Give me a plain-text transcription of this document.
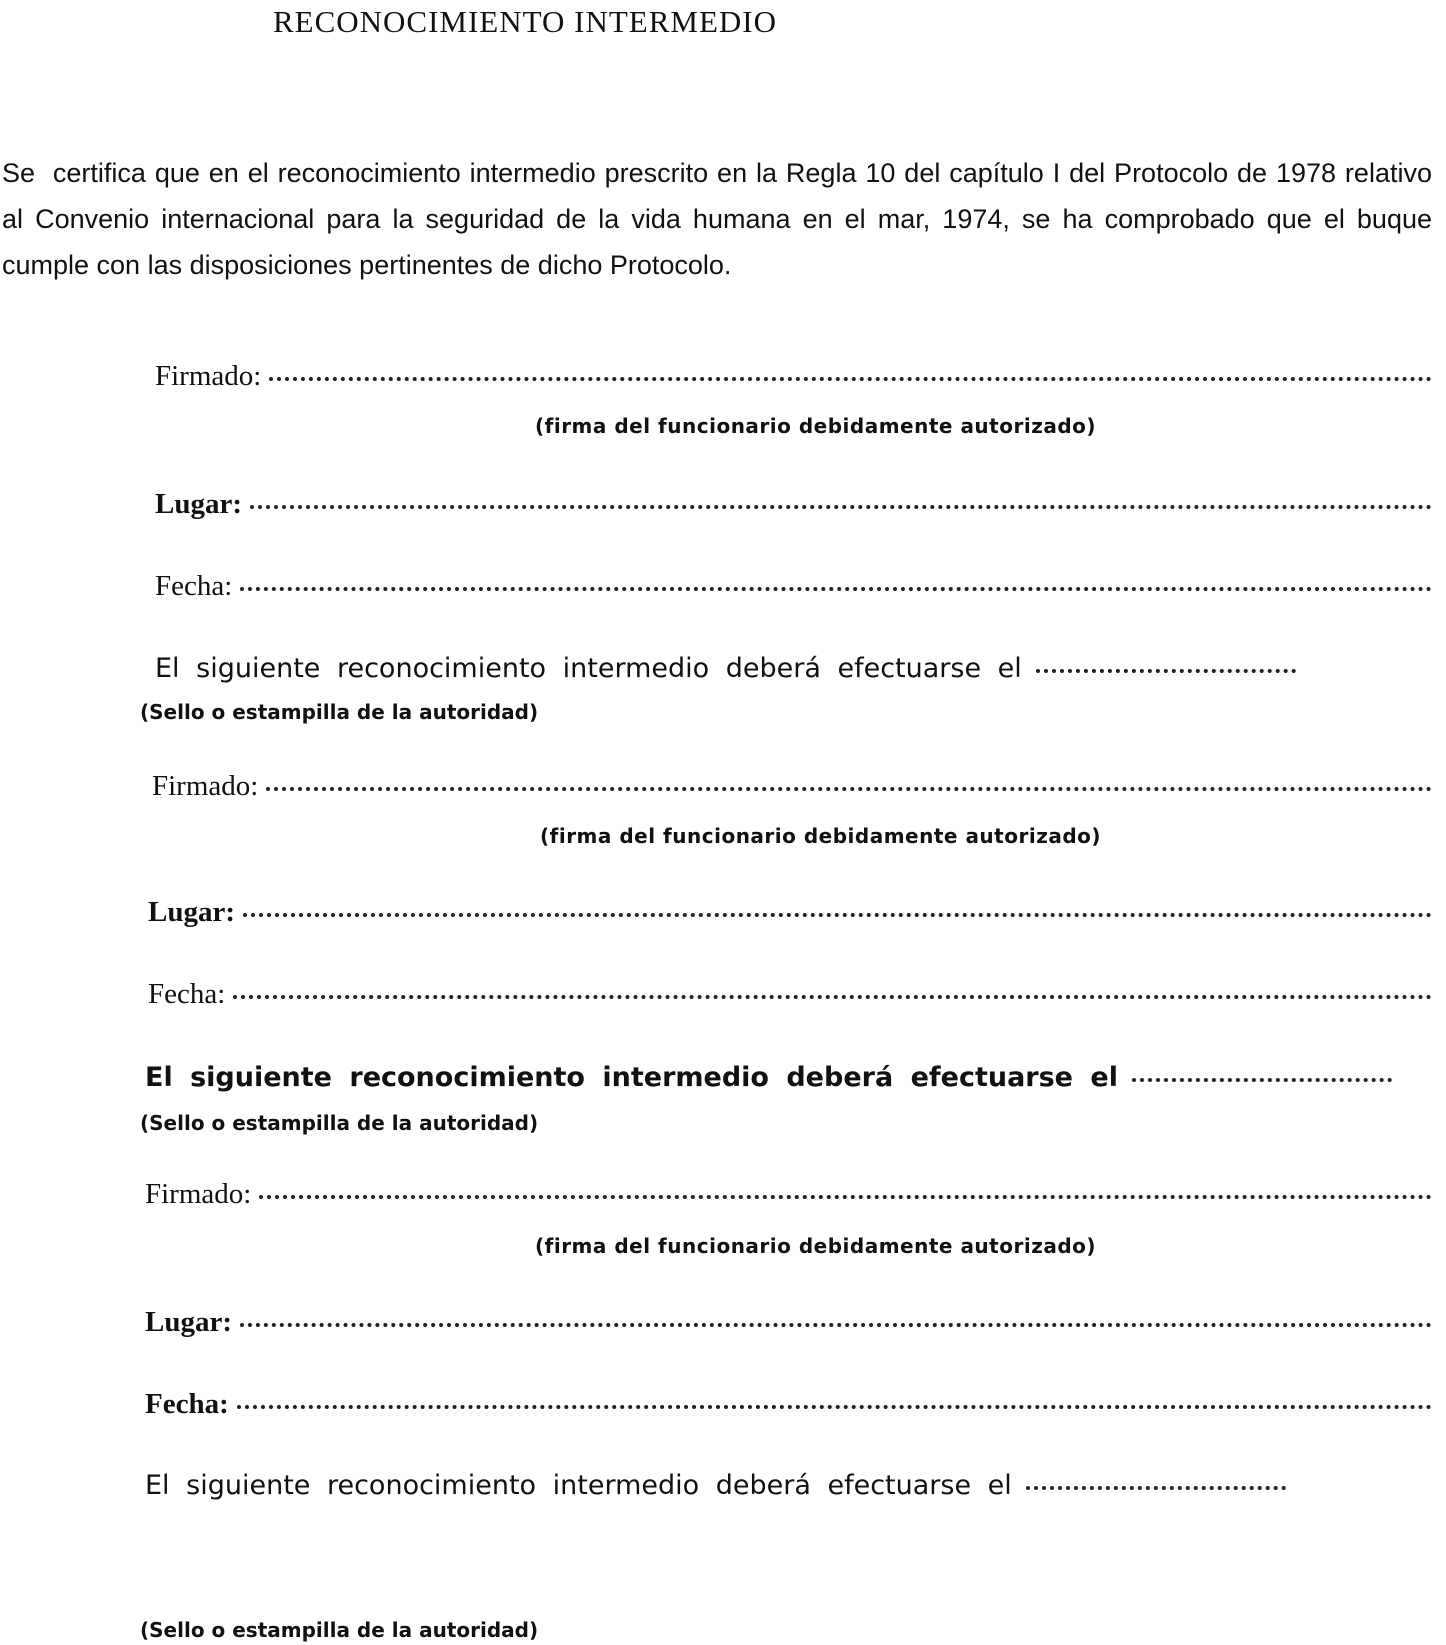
RECONOCIMIENTO INTERMEDIO

Se certifica que en el reconocimiento intermedio prescrito en la Regla 10 del capítulo I del Protocolo de 1978 relativo al Convenio internacional para la seguridad de la vida humana en el mar, 1974, se ha comprobado que el buque cumple con las disposiciones pertinentes de dicho Protocolo.

Firmado:
(firma del funcionario debidamente autorizado)
Lugar:
Fecha:
El siguiente reconocimiento intermedio deberá efectuarse el
(Sello o estampilla de la autoridad)
Firmado:
(firma del funcionario debidamente autorizado)
Lugar:
Fecha:
El siguiente reconocimiento intermedio deberá efectuarse el
(Sello o estampilla de la autoridad)
Firmado:
(firma del funcionario debidamente autorizado)
Lugar:
Fecha:
El siguiente reconocimiento intermedio deberá efectuarse el
(Sello o estampilla de la autoridad)
